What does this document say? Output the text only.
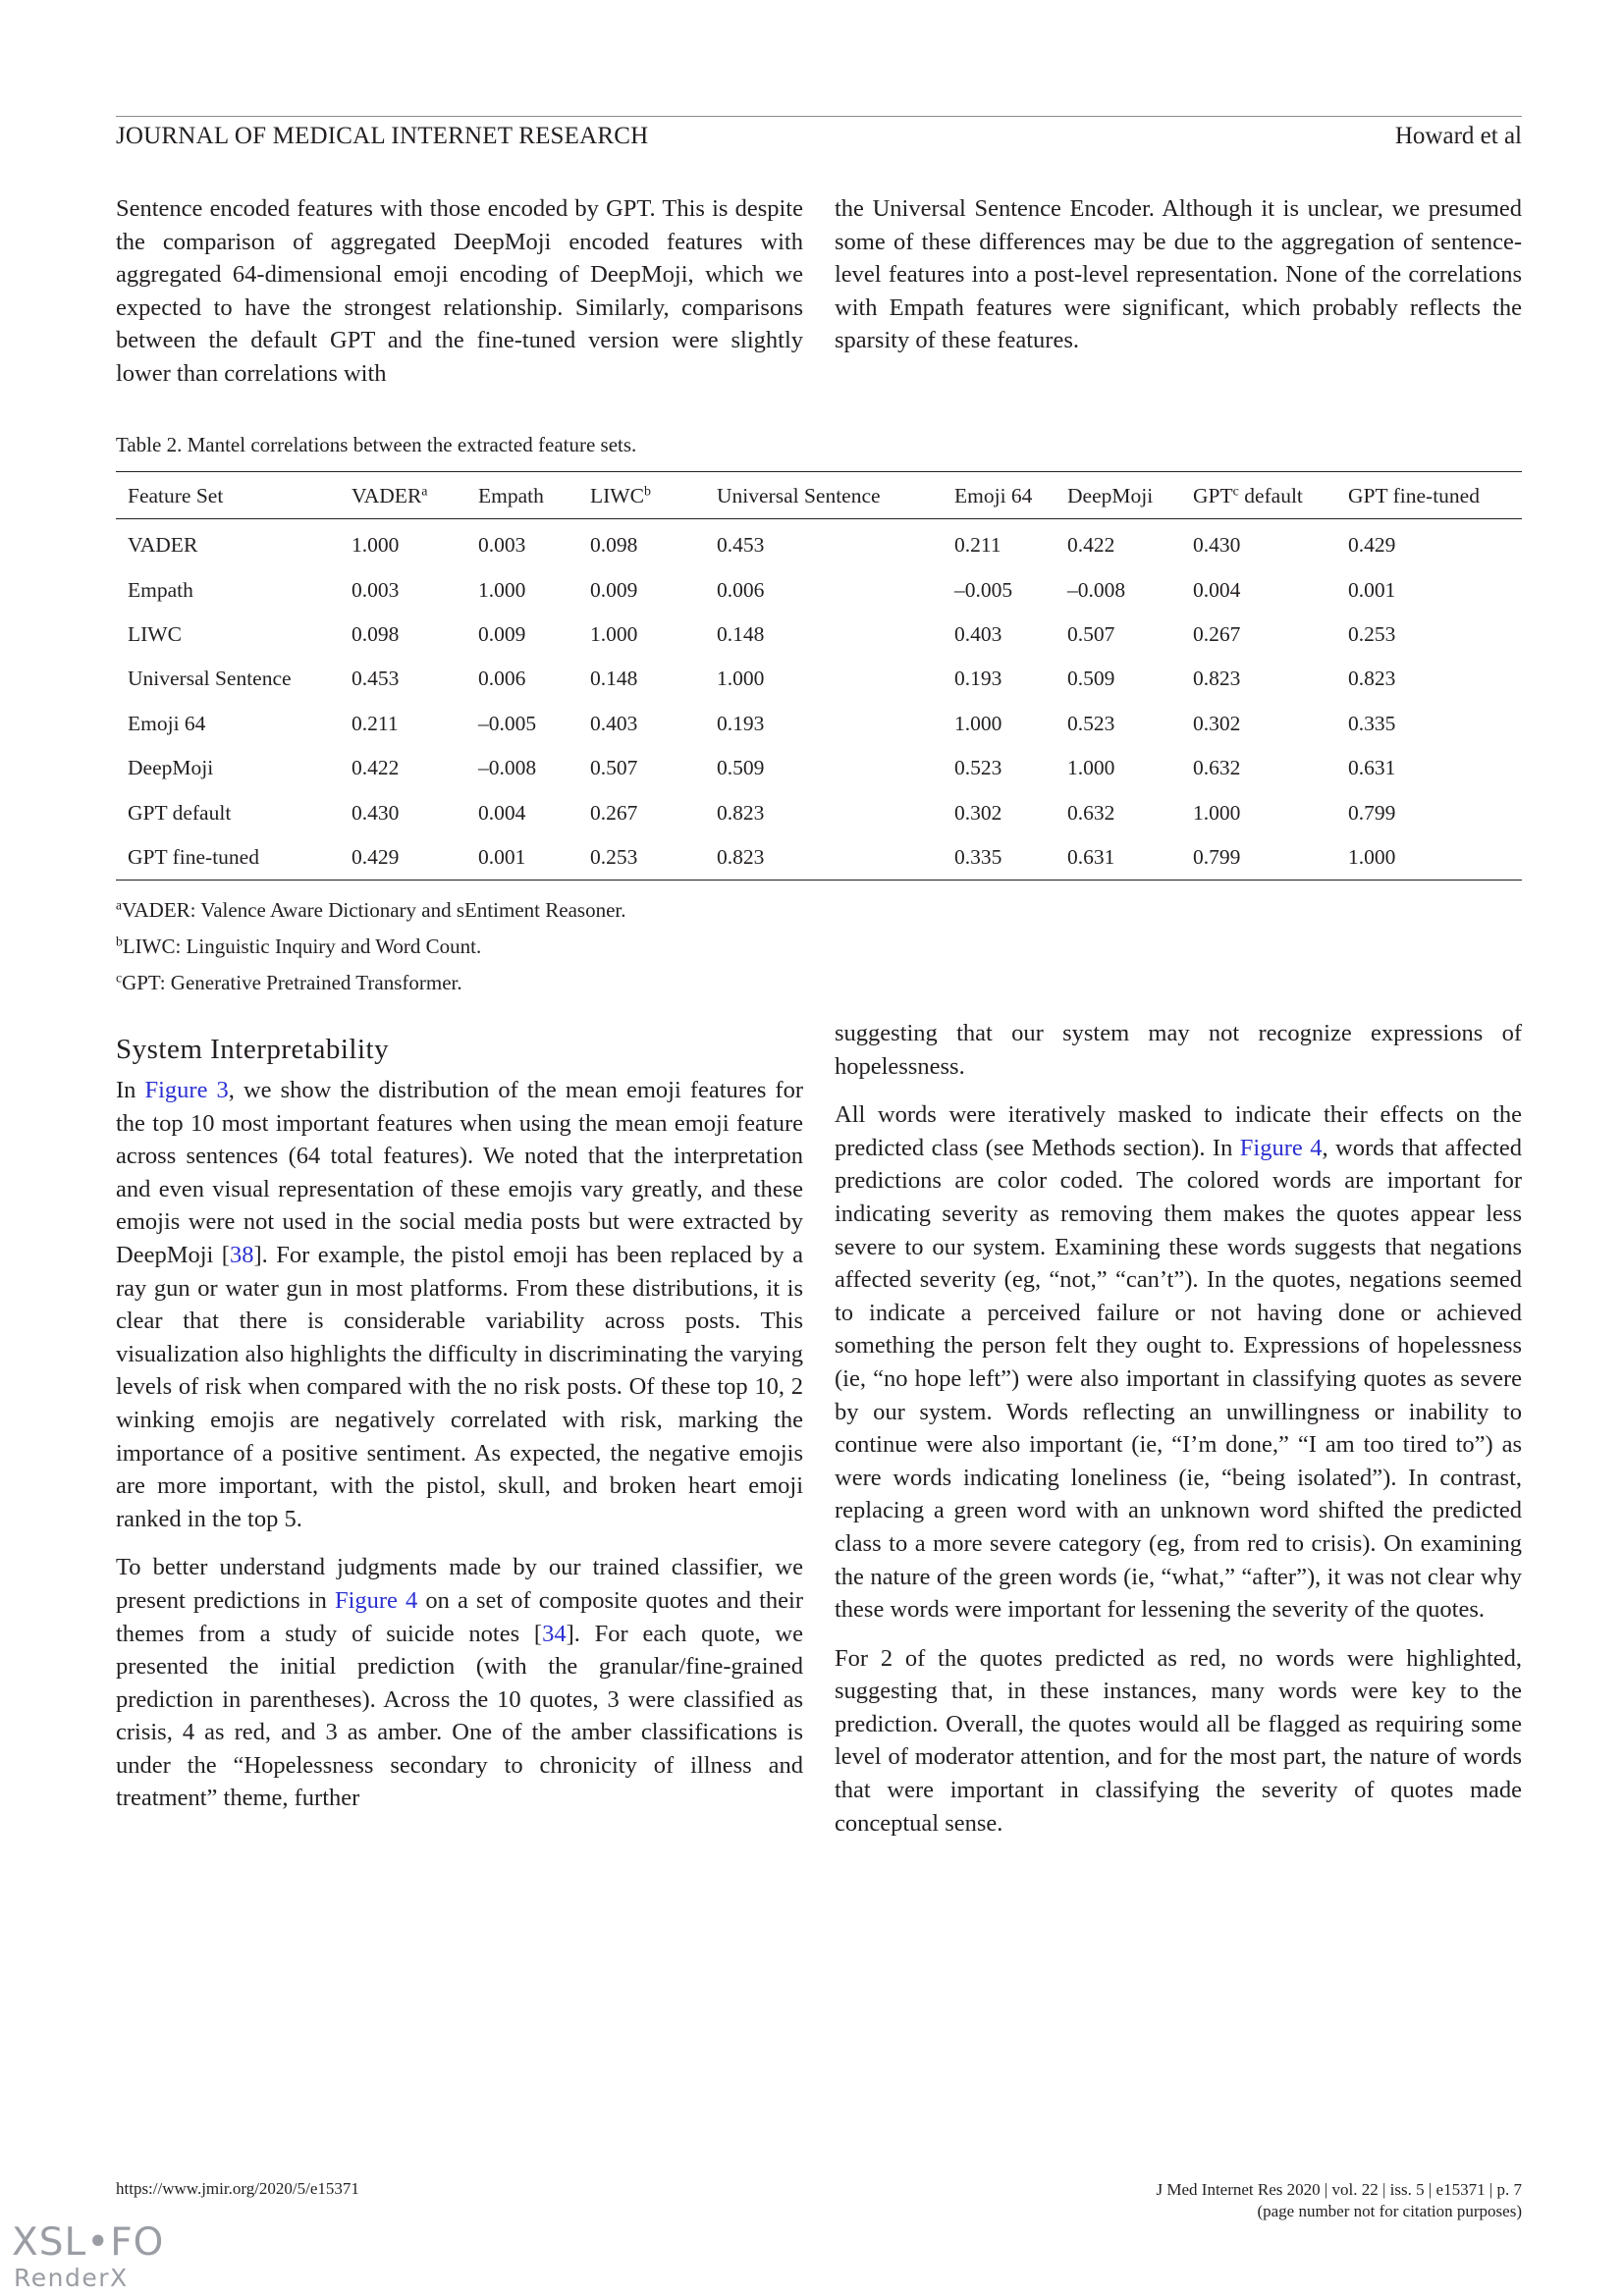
JOURNAL OF MEDICAL INTERNET RESEARCH	Howard et al

Sentence encoded features with those encoded by GPT. This is despite the comparison of aggregated DeepMoji encoded features with aggregated 64-dimensional emoji encoding of DeepMoji, which we expected to have the strongest relationship. Similarly, comparisons between the default GPT and the fine-tuned version were slightly lower than correlations with

the Universal Sentence Encoder. Although it is unclear, we presumed some of these differences may be due to the aggregation of sentence-level features into a post-level representation. None of the correlations with Empath features were significant, which probably reflects the sparsity of these features.

Table 2. Mantel correlations between the extracted feature sets.
Feature Set	VADER$^a$	Empath	LIWC$^b$	Universal Sentence	Emoji 64	DeepMoji	GPT$^c$ default	GPT fine-tuned
VADER	1.000	0.003	0.098	0.453	0.211	0.422	0.430	0.429
Empath	0.003	1.000	0.009	0.006	–0.005	–0.008	0.004	0.001
LIWC	0.098	0.009	1.000	0.148	0.403	0.507	0.267	0.253
Universal Sentence	0.453	0.006	0.148	1.000	0.193	0.509	0.823	0.823
Emoji 64	0.211	–0.005	0.403	0.193	1.000	0.523	0.302	0.335
DeepMoji	0.422	–0.008	0.507	0.509	0.523	1.000	0.632	0.631
GPT default	0.430	0.004	0.267	0.823	0.302	0.632	1.000	0.799
GPT fine-tuned	0.429	0.001	0.253	0.823	0.335	0.631	0.799	1.000
$^a$VADER: Valence Aware Dictionary and sEntiment Reasoner.
$^b$LIWC: Linguistic Inquiry and Word Count.
$^c$GPT: Generative Pretrained Transformer.
System Interpretability

In Figure 3, we show the distribution of the mean emoji features for the top 10 most important features when using the mean emoji feature across sentences (64 total features). We noted that the interpretation and even visual representation of these emojis vary greatly, and these emojis were not used in the social media posts but were extracted by DeepMoji [38]. For example, the pistol emoji has been replaced by a ray gun or water gun in most platforms. From these distributions, it is clear that there is considerable variability across posts. This visualization also highlights the difficulty in discriminating the varying levels of risk when compared with the no risk posts. Of these top 10, 2 winking emojis are negatively correlated with risk, marking the importance of a positive sentiment. As expected, the negative emojis are more important, with the pistol, skull, and broken heart emoji ranked in the top 5.

To better understand judgments made by our trained classifier, we present predictions in Figure 4 on a set of composite quotes and their themes from a study of suicide notes [34]. For each quote, we presented the initial prediction (with the granular/fine-grained prediction in parentheses). Across the 10 quotes, 3 were classified as crisis, 4 as red, and 3 as amber. One of the amber classifications is under the “Hopelessness secondary to chronicity of illness and treatment” theme, further

suggesting that our system may not recognize expressions of hopelessness.

All words were iteratively masked to indicate their effects on the predicted class (see Methods section). In Figure 4, words that affected predictions are color coded. The colored words are important for indicating severity as removing them makes the quotes appear less severe to our system. Examining these words suggests that negations affected severity (eg, “not,” “can’t”). In the quotes, negations seemed to indicate a perceived failure or not having done or achieved something the person felt they ought to. Expressions of hopelessness (ie, “no hope left”) were also important in classifying quotes as severe by our system. Words reflecting an unwillingness or inability to continue were also important (ie, “I’m done,” “I am too tired to”) as were words indicating loneliness (ie, “being isolated”). In contrast, replacing a green word with an unknown word shifted the predicted class to a more severe category (eg, from red to crisis). On examining the nature of the green words (ie, “what,” “after”), it was not clear why these words were important for lessening the severity of the quotes.

For 2 of the quotes predicted as red, no words were highlighted, suggesting that, in these instances, many words were key to the prediction. Overall, the quotes would all be flagged as requiring some level of moderator attention, and for the most part, the nature of words that were important in classifying the severity of quotes made conceptual sense.

https://www.jmir.org/2020/5/e15371	J Med Internet Res 2020 | vol. 22 | iss. 5 | e15371 | p. 7
(page number not for citation purposes)
XSL•FO
RenderX
